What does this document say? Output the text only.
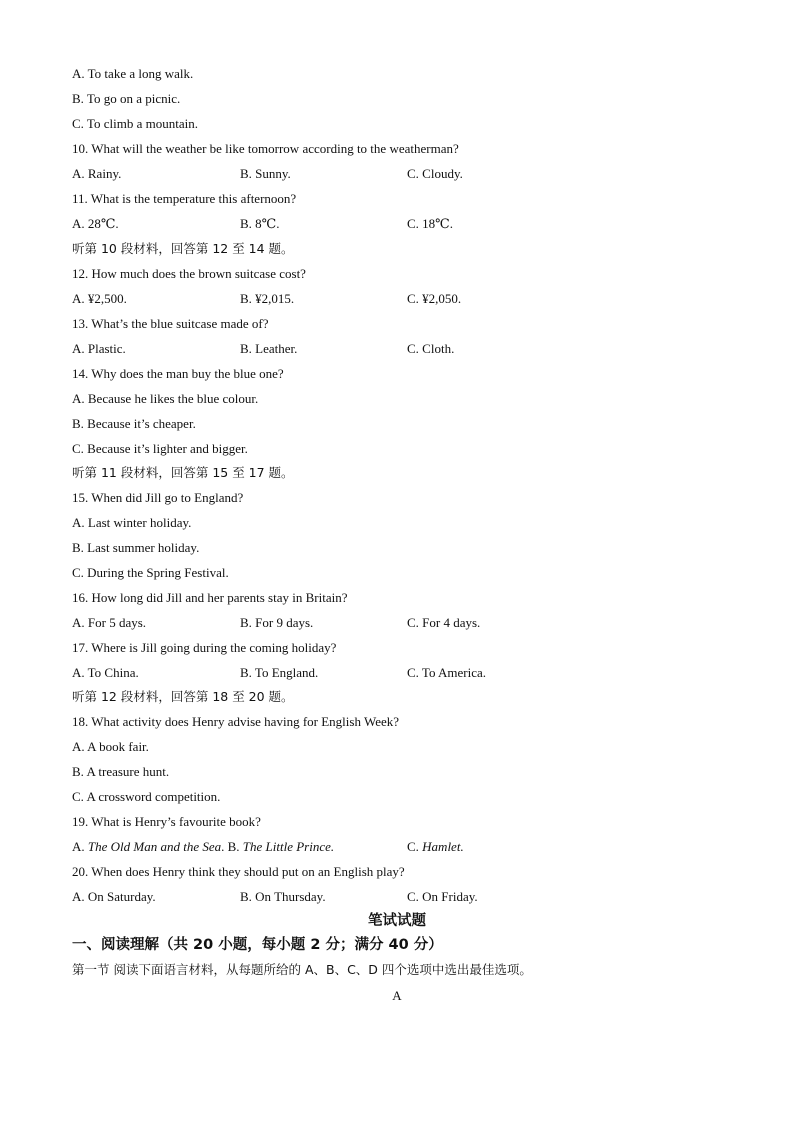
A. To take a long walk.
B. To go on a picnic.
C. To climb a mountain.
10. What will the weather be like tomorrow according to the weatherman?
A. Rainy.	B. Sunny.	C. Cloudy.
11. What is the temperature this afternoon?
A. 28℃.	B. 8℃.	C. 18℃.
听第 10 段材料，回答第 12 至 14 题。
12. How much does the brown suitcase cost?
A. ¥2,500.	B. ¥2,015.	C. ¥2,050.
13. What’s the blue suitcase made of?
A. Plastic.	B. Leather.	C. Cloth.
14. Why does the man buy the blue one?
A. Because he likes the blue colour.
B. Because it’s cheaper.
C. Because it’s lighter and bigger.
听第 11 段材料，回答第 15 至 17 题。
15. When did Jill go to England?
A. Last winter holiday.
B. Last summer holiday.
C. During the Spring Festival.
16. How long did Jill and her parents stay in Britain?
A. For 5 days.	B. For 9 days.	C. For 4 days.
17. Where is Jill going during the coming holiday?
A. To China.	B. To England.	C. To America.
听第 12 段材料，回答第 18 至 20 题。
18. What activity does Henry advise having for English Week?
A. A book fair.
B. A treasure hunt.
C. A crossword competition.
19. What is Henry’s favourite book?
A. The Old Man and the Sea. B. The Little Prince.	C. Hamlet.
20. When does Henry think they should put on an English play?
A. On Saturday.	B. On Thursday.	C. On Friday.
笔试试题
一、阅读理解（共 20 小题，每小题 2 分；满分 40 分）
第一节 阅读下面语言材料，从每题所给的 A、B、C、D 四个选项中选出最佳选项。
A
